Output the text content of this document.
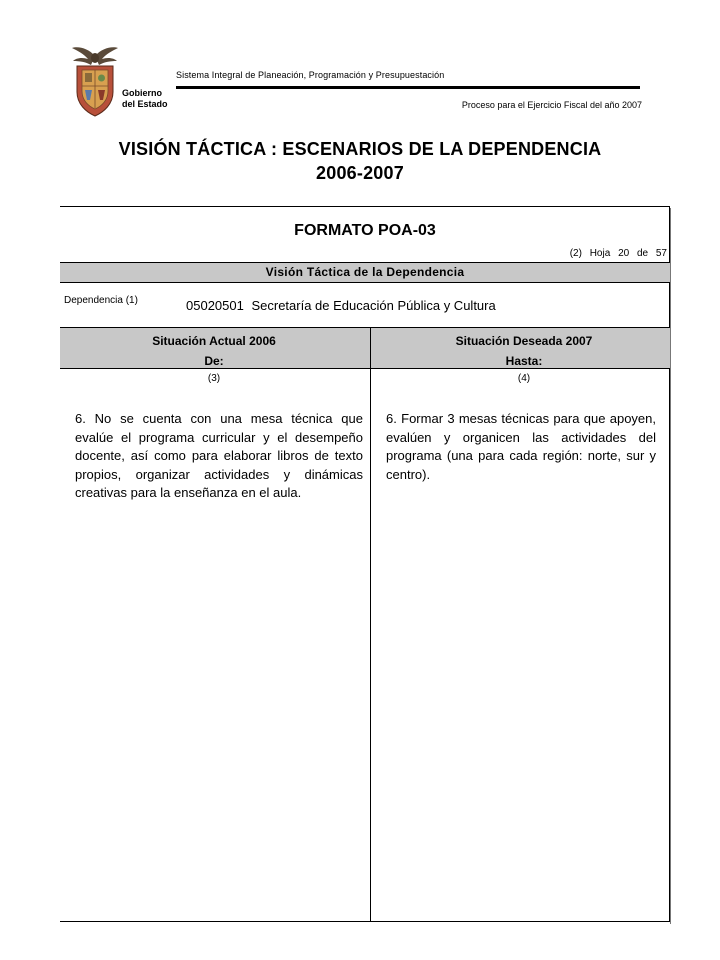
Gobierno
del Estado
Sistema Integral de Planeación, Programación y Presupuestación
Proceso para el Ejercicio Fiscal del año 2007
VISIÓN TÁCTICA : ESCENARIOS DE LA DEPENDENCIA
2006-2007
FORMATO POA-03
(2) Hoja 20 de 57
Visión Táctica de la Dependencia
Dependencia (1)	05020501 Secretaría de Educación Pública y Cultura
Situación Actual 2006
De:
Situación Deseada 2007
Hasta:
(3)	(4)
6. No se cuenta con una mesa técnica que evalúe el programa curricular y el desempeño docente, así como para elaborar libros de texto propios, organizar actividades y dinámicas creativas para la enseñanza en el aula.
6. Formar 3 mesas técnicas para que apoyen, evalúen y organicen las actividades del programa (una para cada región: norte, sur y centro).
